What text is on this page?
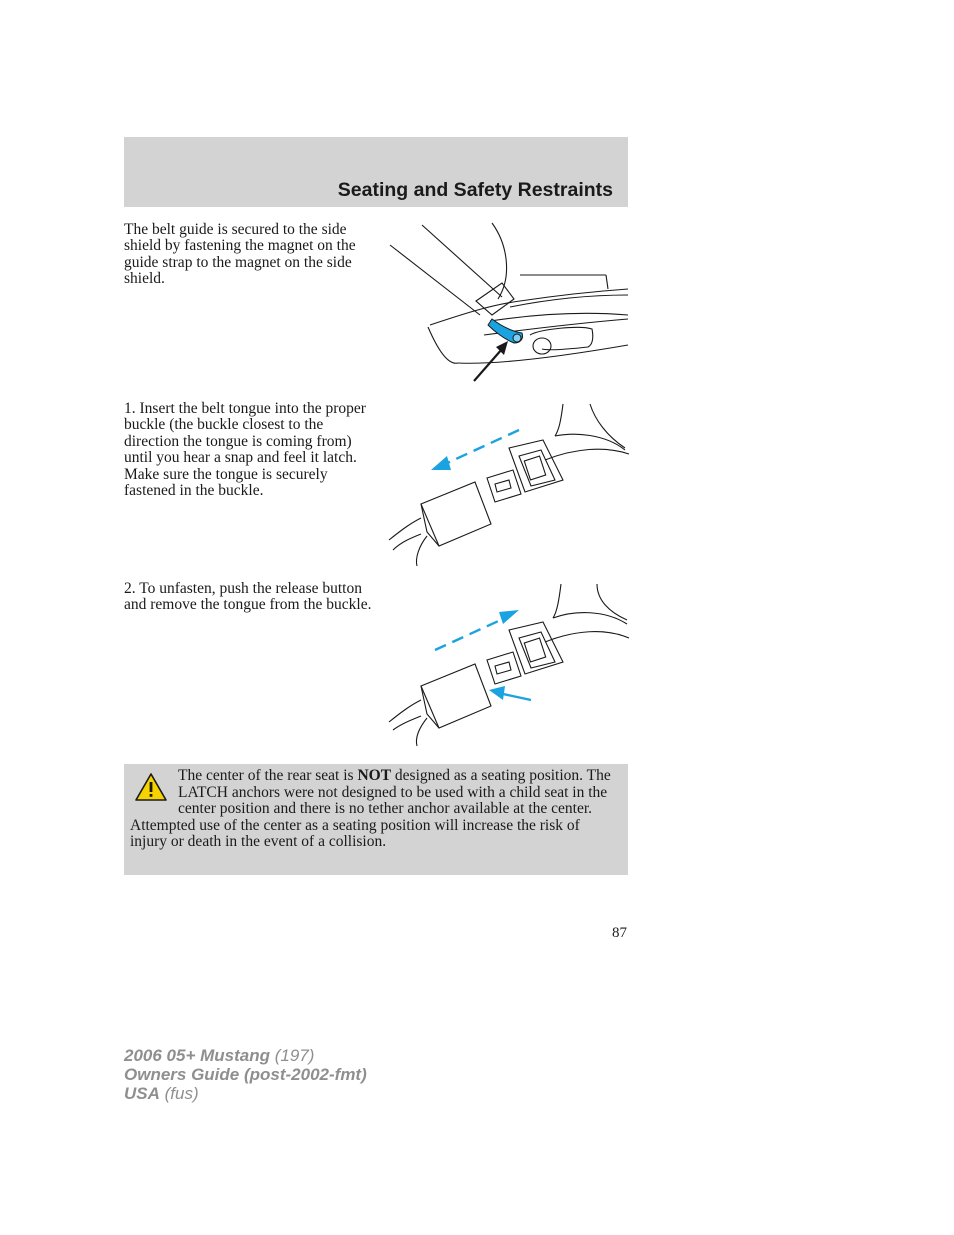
Seating and Safety Restraints

The belt guide is secured to the side shield by fastening the magnet on the guide strap to the magnet on the side shield.

1. Insert the belt tongue into the proper buckle (the buckle closest to the direction the tongue is coming from) until you hear a snap and feel it latch. Make sure the tongue is securely fastened in the buckle.

2. To unfasten, push the release button and remove the tongue from the buckle.

The center of the rear seat is NOT designed as a seating position. The LATCH anchors were not designed to be used with a child seat in the center position and there is no tether anchor available at the center. Attempted use of the center as a seating position will increase the risk of injury or death in the event of a collision.

87
2006 05+ Mustang (197)
Owners Guide (post-2002-fmt)
USA (fus)
